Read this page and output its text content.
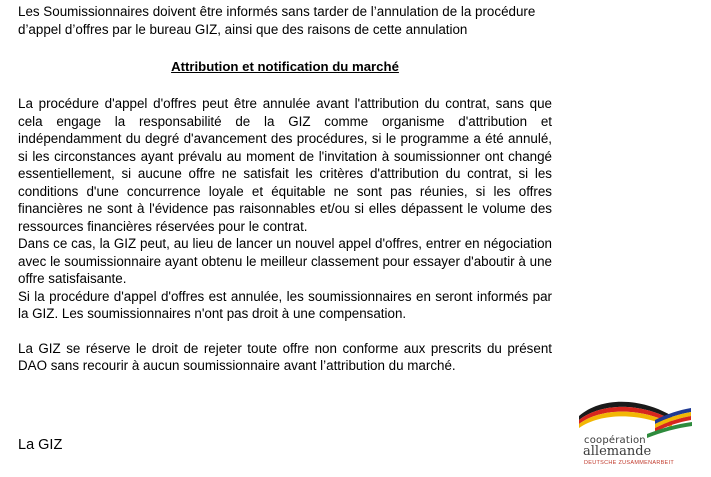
Les Soumissionnaires doivent être informés sans tarder de l’annulation de la procédure
d’appel d’offres par le bureau GIZ, ainsi que des raisons de cette annulation

Attribution et notification du marché

La procédure d'appel d'offres peut être annulée avant l'attribution du contrat, sans que cela engage la responsabilité de la GIZ comme organisme d'attribution et indépendamment du degré d'avancement des procédures, si le programme a été annulé, si les circonstances ayant prévalu au moment de l'invitation à soumissionner ont changé essentiellement, si aucune offre ne satisfait les critères d'attribution du contrat, si les conditions d'une concurrence loyale et équitable ne sont pas réunies, si les offres financières ne sont à l'évidence pas raisonnables et/ou si elles dépassent le volume des ressources financières réservées pour le contrat.

Dans ce cas, la GIZ peut, au lieu de lancer un nouvel appel d'offres, entrer en négociation avec le soumissionnaire ayant obtenu le meilleur classement pour essayer d'aboutir à une offre satisfaisante.

Si la procédure d'appel d'offres est annulée, les soumissionnaires en seront informés par la GIZ. Les soumissionnaires n'ont pas droit à une compensation.

La GIZ se réserve le droit de rejeter toute offre non conforme aux prescrits du présent DAO sans recourir à aucun soumissionnaire avant l’attribution du marché.

La GIZ	coopération
allemande
DEUTSCHE ZUSAMMENARBEIT
